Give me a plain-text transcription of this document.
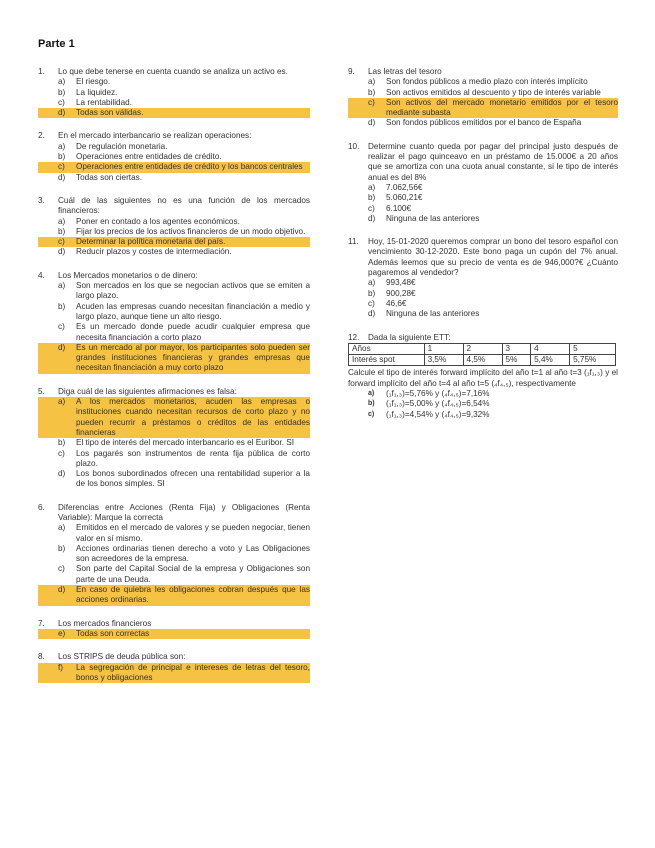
Parte 1
1.	Lo que debe tenerse en cuenta cuando se analiza un activo es.
a)	El riesgo.
b)	La liquidez.
c)	La rentabilidad.
d)	Todas son válidas.
2.	En el mercado interbancario se realizan operaciones:
a)	De regulación monetaria.
b)	Operaciones entre entidades de crédito.
c)	Operaciones entre entidades de crédito y los bancos centrales
d)	Todas son ciertas.
3.	Cuál de las siguientes no es una función de los mercados financieros:
a)	Poner en contado a los agentes económicos.
b)	Fijar los precios de los activos financieros de un modo objetivo.
c)	Determinar la política monetaria del país.
d)	Reducir plazos y costes de intermediación.
4.	Los Mercados monetarios o de dinero:
a)	Son mercados en los que se negocian activos que se emiten a largo plazo.
b)	Acuden las empresas cuando necesitan financiación a medio y largo plazo, aunque tiene un alto riesgo.
c)	Es un mercado donde puede acudir cualquier empresa que necesita financiación a corto plazo
d)	Es un mercado al por mayor, los participantes solo pueden ser grandes instituciones financieras y grandes empresas que necesitan financiación a muy corto plazo
5.	Diga cuál de las siguientes afirmaciones es falsa:
a)	A los mercados monetarios, acuden las empresas o instituciones cuando necesitan recursos de corto plazo y no pueden recurrir a préstamos o créditos de las entidades financieras
b)	El tipo de interés del mercado interbancario es el Euribor. SI
c)	Los pagarés son instrumentos de renta fija pública de corto plazo.
d)	Los bonos subordinados ofrecen una rentabilidad superior a la de los bonos simples. SI
6.	Diferencias entre Acciones (Renta Fija) y Obligaciones (Renta Variable): Marque la correcta
a)	Emitidos en el mercado de valores y se pueden negociar, tienen valor en sí mismo.
b)	Acciones ordinarias tienen derecho a voto y Las Obligaciones son acreedores de la empresa.
c)	Son parte del Capital Social de la empresa y Obligaciones son parte de una Deuda.
d)	En caso de quiebra les obligaciones cobran después que las acciones ordinarias.
7.	Los mercados financieros
e)	Todas son correctas
8.	Los STRIPS de deuda pública son:
f)	La segregación de principal e intereses de letras del tesoro, bonos y obligaciones
9.	Las letras del tesoro
a)	Son fondos públicos a medio plazo con interés implícito
b)	Son activos emitidos al descuento y tipo de interés variable
c)	Son activos del mercado monetario emitidos por el tesoro mediante subasta
d)	Son fondos públicos emitidos por el banco de España
10.	Determine cuanto queda por pagar del principal justo después de realizar el pago quinceavo en un préstamo de 15.000€ a 20 años que se amortiza con una cuota anual constante, si le tipo de interés anual es del 8%
a)	7.062,56€
b)	5.060,21€
c)	6.100€
d)	Ninguna de las anteriores
11.	Hoy, 15-01-2020 queremos comprar un bono del tesoro español con vencimiento 30-12-2020. Este bono paga un cupón del 7% anual. Además leemos que su precio de venta es de 946,000?€ ¿Cuánto pagaremos al vendedor?
a)	993,48€
b)	900,28€
c)	46,6€
d)	Ninguna de las anteriores
12.	Dada la siguiente ETT:
Años	1	2	3	4	5
Interés spot	3,5%	4,5%	5%	5,4%	5,75%
Calcule el tipo de interés forward implícito del año t=1 al año t=3 (₁f₁,₃) y el forward implícito del año t=4 al año t=5 (₄f₄,₅), respectivamente
a)	(₁f₁,₃)=5,76% y (₄f₄,₅)=7,16%
b)	(₁f₁,₃)=5,00% y (₄f₄,₅)=6,54%
c)	(₁f₁,₃)=4,54% y (₄f₄,₅)=9,32%
